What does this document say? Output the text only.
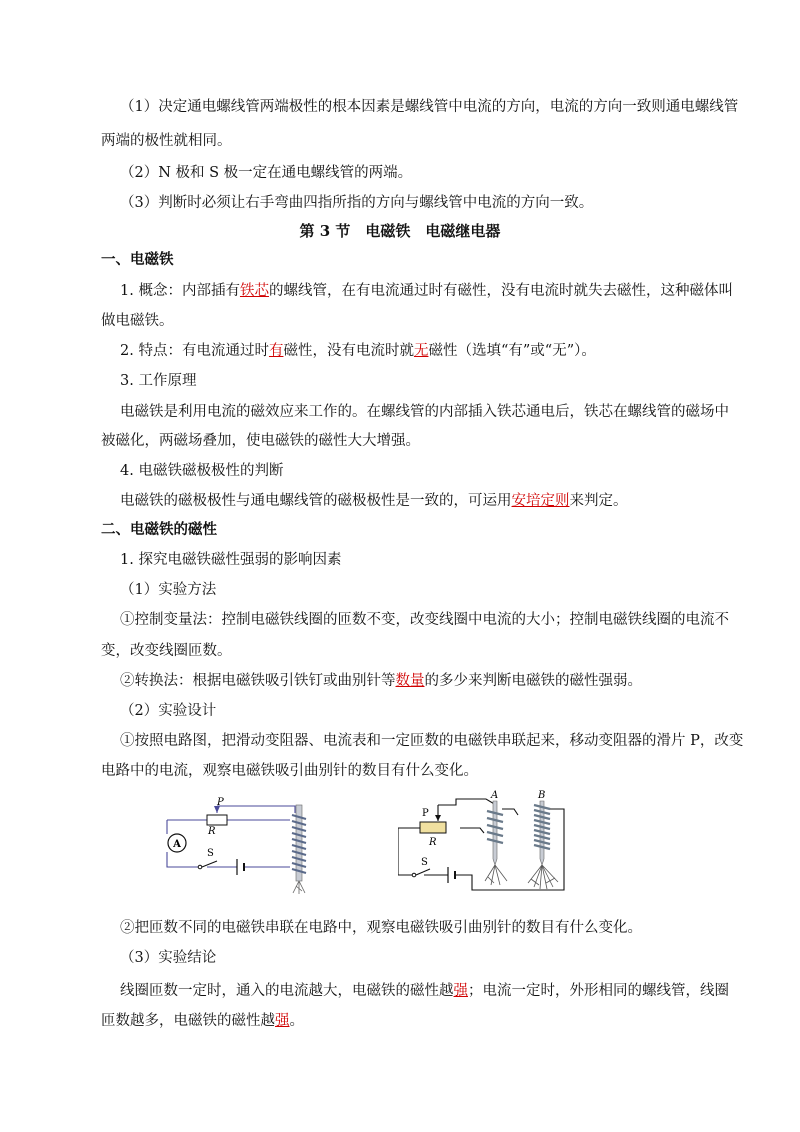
（1）决定通电螺线管两端极性的根本因素是螺线管中电流的方向，电流的方向一致则通电螺线管
两端的极性就相同。
（2）N 极和 S 极一定在通电螺线管的两端。
（3）判断时必须让右手弯曲四指所指的方向与螺线管中电流的方向一致。
第 3 节　电磁铁　电磁继电器
一、电磁铁
1. 概念：内部插有铁芯的螺线管，在有电流通过时有磁性，没有电流时就失去磁性，这种磁体叫
做电磁铁。
2. 特点：有电流通过时有磁性，没有电流时就无磁性（选填“有”或“无”）。
3. 工作原理
电磁铁是利用电流的磁效应来工作的。在螺线管的内部插入铁芯通电后，铁芯在螺线管的磁场中
被磁化，两磁场叠加，使电磁铁的磁性大大增强。
4. 电磁铁磁极极性的判断
电磁铁的磁极极性与通电螺线管的磁极极性是一致的，可运用安培定则来判定。
二、电磁铁的磁性
1. 探究电磁铁磁性强弱的影响因素
（1）实验方法
①控制变量法：控制电磁铁线圈的匝数不变，改变线圈中电流的大小；控制电磁铁线圈的电流不
变，改变线圈匝数。
②转换法：根据电磁铁吸引铁钉或曲别针等数量的多少来判断电磁铁的磁性强弱。
（2）实验设计
①按照电路图，把滑动变阻器、电流表和一定匝数的电磁铁串联起来，移动变阻器的滑片 P，改变
电路中的电流，观察电磁铁吸引曲别针的数目有什么变化。
A
P
R
S
P
R
S
A	B
②把匝数不同的电磁铁串联在电路中，观察电磁铁吸引曲别针的数目有什么变化。
（3）实验结论
线圈匝数一定时，通入的电流越大，电磁铁的磁性越强；电流一定时，外形相同的螺线管，线圈
匝数越多，电磁铁的磁性越强。
